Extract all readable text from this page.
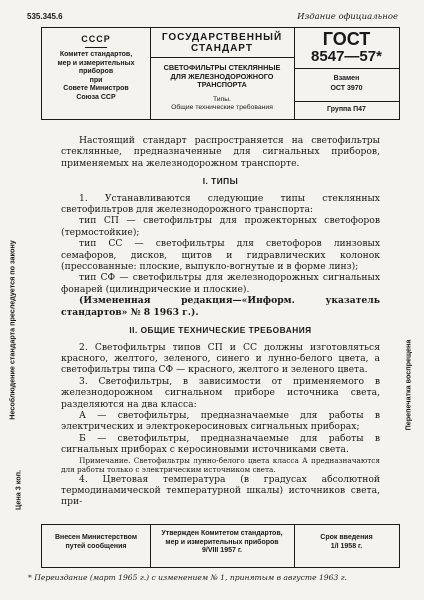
535.345.6	Издание официальное
СССР
Комитет стандартов,
мер и измерительных
приборов
при
Совете Министров
Союза ССР
ГОСУДАРСТВЕННЫЙ
СТАНДАРТ
СВЕТОФИЛЬТРЫ СТЕКЛЯННЫЕ
ДЛЯ ЖЕЛЕЗНОДОРОЖНОГО
ТРАНСПОРТА
Типы.
Общие технические требования
ГОСТ
8547—57*
Взамен
ОСТ 3970
Группа П47

Настоящий стандарт распространяется на светофильтры стеклянные, предназначенные для сигнальных приборов, применяемых на железнодорожном транспорте.

I. ТИПЫ

1. Устанавливаются следующие типы стеклянных светофильтров для железнодорожного транспорта:

тип СП — светофильтры для прожекторных светофоров (термостойкие);

тип СС — светофильтры для светофоров линзовых семафоров, дисков, щитов и гидравлических колонок (прессованные: плоские, выпукло-вогнутые и в форме линз);

тип СФ — светофильтры для железнодорожных сигнальных фонарей (цилиндрические и плоские).

(Измененная редакция—«Информ. указатель стандартов» № 8 1963 г.).

II. ОБЩИЕ ТЕХНИЧЕСКИЕ ТРЕБОВАНИЯ

2. Светофильтры типов СП и СС должны изготовляться красного, желтого, зеленого, синего и лунно-белого цвета, а светофильтры типа СФ — красного, желтого и зеленого цвета.

3. Светофильтры, в зависимости от применяемого в железнодорожном сигнальном приборе источника света, разделяются на два класса:

А — светофильтры, предназначаемые для работы в электрических и электрокеросиновых сигнальных приборах;

Б — светофильтры, предназначаемые для работы в сигнальных приборах с керосиновыми источниками света.

Примечание. Светофильтры лунно-белого цвета класса А предназначаются для работы только с электрическим источником света.

4. Цветовая температура (в градусах абсолютной термодинамической температурной шкалы) источников света, при-

Несоблюдение стандарта преследуется по закону	Перепечатка воспрещена
Цена 3 коп.
Внесен Министерством
путей сообщения
Утвержден Комитетом стандартов,
мер и измерительных приборов
9/VIII 1957 г.
Срок введения
1/I 1958 г.
* Переиздание (март 1965 г.) с изменением № 1, принятым в августе 1963 г.
